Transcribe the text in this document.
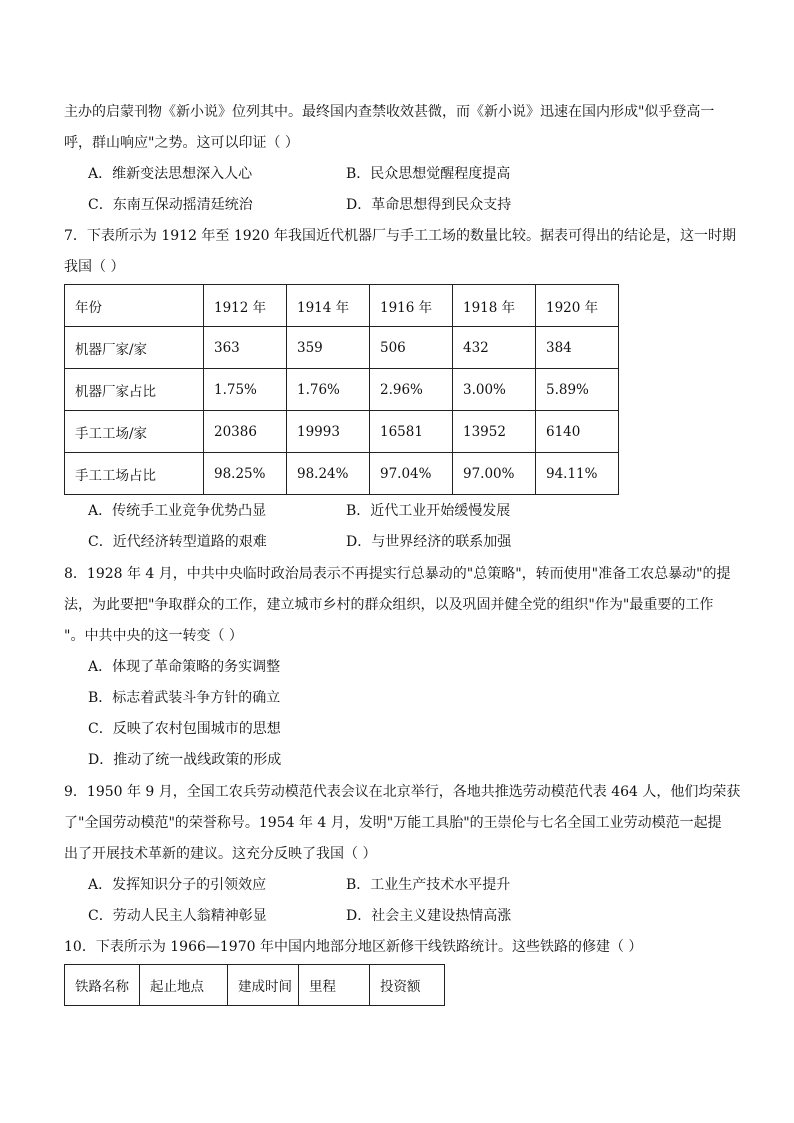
主办的启蒙刊物《新小说》位列其中。最终国内查禁收效甚微，而《新小说》迅速在国内形成"似乎登高一
呼，群山响应"之势。这可以印证（ ）
A．维新变法思想深入人心	B．民众思想觉醒程度提高
C．东南互保动摇清廷统治	D．革命思想得到民众支持
7．下表所示为 1912 年至 1920 年我国近代机器厂与手工工场的数量比较。据表可得出的结论是，这一时期
我国（ ）
年份	1912 年	1914 年	1916 年	1918 年	1920 年
机器厂家/家	363	359	506	432	384
机器厂家占比	1.75%	1.76%	2.96%	3.00%	5.89%
手工工场/家	20386	19993	16581	13952	6140
手工工场占比	98.25%	98.24%	97.04%	97.00%	94.11%
A．传统手工业竞争优势凸显	B．近代工业开始缓慢发展
C．近代经济转型道路的艰难	D．与世界经济的联系加强
8．1928 年 4 月，中共中央临时政治局表示不再提实行总暴动的"总策略"，转而使用"准备工农总暴动"的提
法，为此要把"争取群众的工作，建立城市乡村的群众组织，以及巩固并健全党的组织"作为"最重要的工作
"。中共中央的这一转变（ ）
A．体现了革命策略的务实调整
B．标志着武装斗争方针的确立
C．反映了农村包围城市的思想
D．推动了统一战线政策的形成
9．1950 年 9 月，全国工农兵劳动模范代表会议在北京举行，各地共推选劳动模范代表 464 人，他们均荣获
了"全国劳动模范"的荣誉称号。1954 年 4 月，发明"万能工具胎"的王崇伦与七名全国工业劳动模范一起提
出了开展技术革新的建议。这充分反映了我国（ ）
A．发挥知识分子的引领效应	B．工业生产技术水平提升
C．劳动人民主人翁精神彰显	D．社会主义建设热情高涨
10．下表所示为 1966—1970 年中国内地部分地区新修干线铁路统计。这些铁路的修建（ ）
铁路名称	起止地点	建成时间	里程	投资额
